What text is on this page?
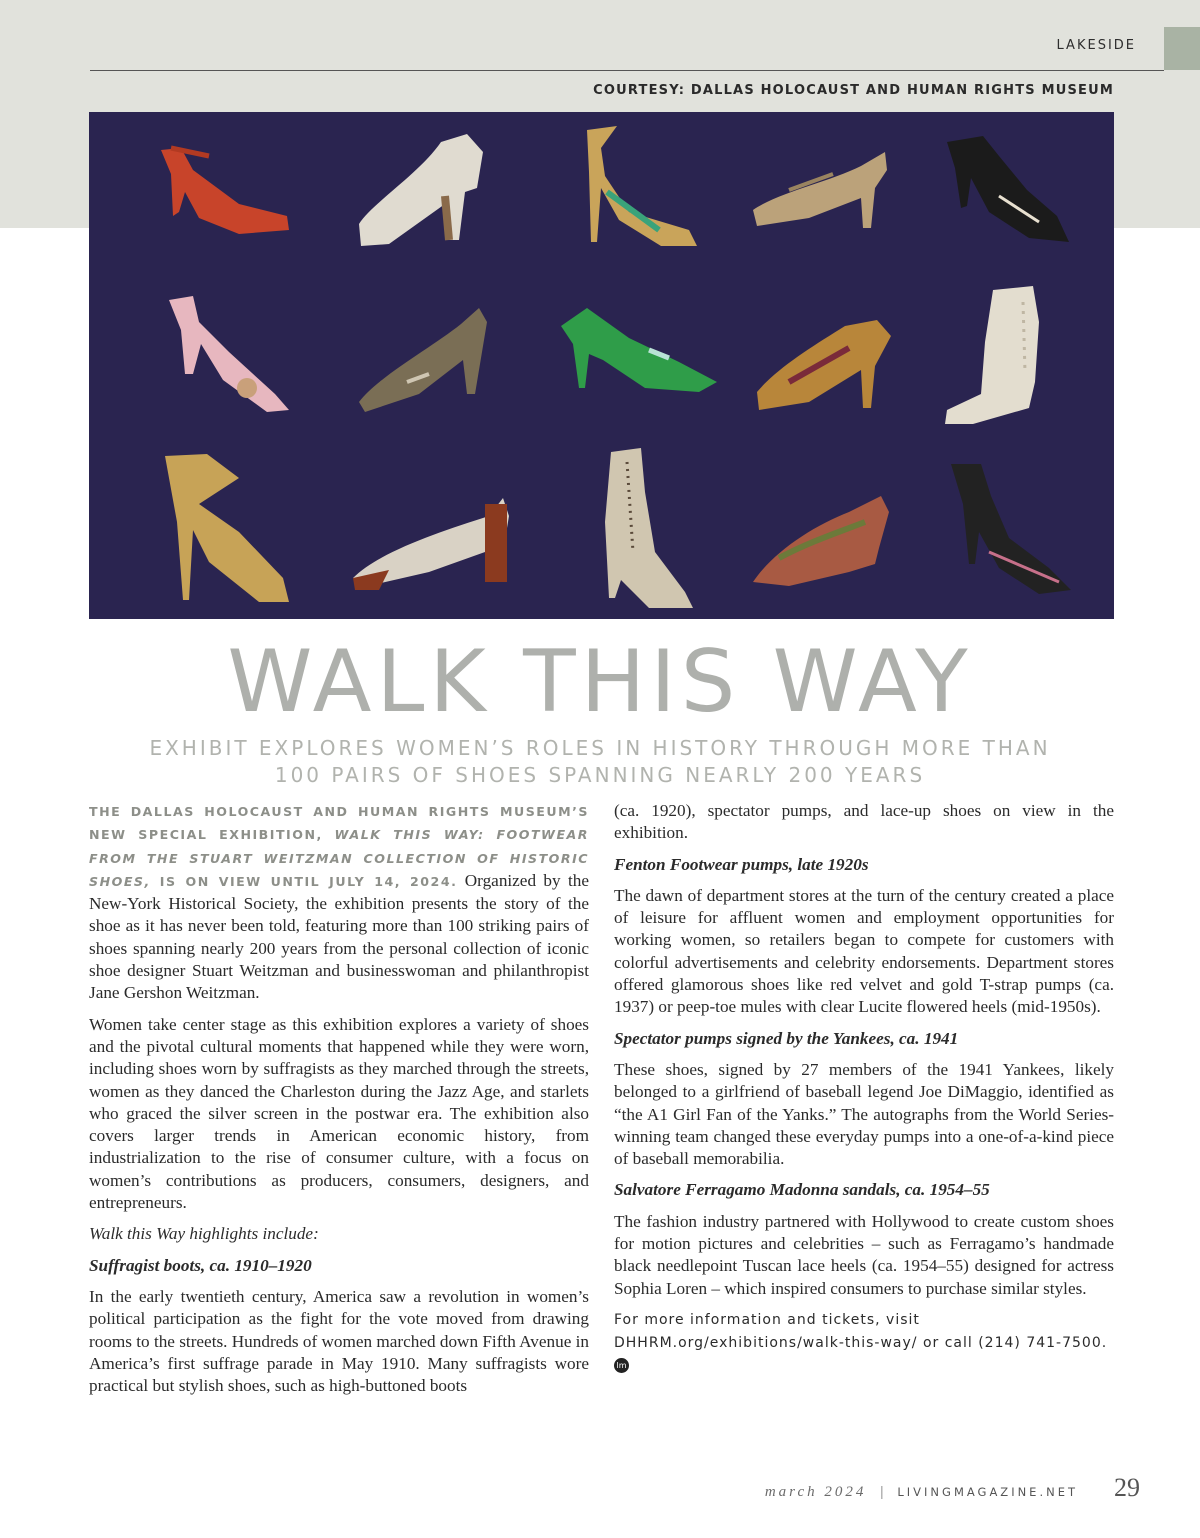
LAKESIDE
COURTESY: DALLAS HOLOCAUST AND HUMAN RIGHTS MUSEUM
WALK THIS WAY
EXHIBIT EXPLORES WOMEN’S ROLES IN HISTORY THROUGH MORE THAN
100 PAIRS OF SHOES SPANNING NEARLY 200 YEARS

THE DALLAS HOLOCAUST AND HUMAN RIGHTS MUSEUM’S NEW SPECIAL EXHIBITION, WALK THIS WAY: FOOTWEAR FROM THE STUART WEITZMAN COLLECTION OF HISTORIC SHOES, IS ON VIEW UNTIL JULY 14, 2024. Organized by the New-York Historical Society, the exhibition presents the story of the shoe as it has never been told, featuring more than 100 striking pairs of shoes spanning nearly 200 years from the personal collection of iconic shoe designer Stuart Weitzman and businesswoman and philanthropist Jane Gershon Weitzman.

Women take center stage as this exhibition explores a variety of shoes and the pivotal cultural moments that happened while they were worn, including shoes worn by suffragists as they marched through the streets, women as they danced the Charleston during the Jazz Age, and starlets who graced the silver screen in the postwar era. The exhibition also covers larger trends in American economic history, from industrialization to the rise of consumer culture, with a focus on women’s contributions as producers, consumers, designers, and entrepreneurs.

Walk this Way highlights include:

Suffragist boots, ca. 1910–1920

In the early twentieth century, America saw a revolution in women’s political participation as the fight for the vote moved from drawing rooms to the streets. Hundreds of women marched down Fifth Avenue in America’s first suffrage parade in May 1910. Many suffragists wore practical but stylish shoes, such as high-buttoned boots

(ca. 1920), spectator pumps, and lace-up shoes on view in the exhibition.

Fenton Footwear pumps, late 1920s

The dawn of department stores at the turn of the century created a place of leisure for affluent women and employment opportunities for working women, so retailers began to compete for customers with colorful advertisements and celebrity endorsements. Department stores offered glamorous shoes like red velvet and gold T-strap pumps (ca. 1937) or peep-toe mules with clear Lucite flowered heels (mid-1950s).

Spectator pumps signed by the Yankees, ca. 1941

These shoes, signed by 27 members of the 1941 Yankees, likely belonged to a girlfriend of baseball legend Joe DiMaggio, identified as “the A1 Girl Fan of the Yanks.” The autographs from the World Series-winning team changed these everyday pumps into a one-of-a-kind piece of baseball memorabilia.

Salvatore Ferragamo Madonna sandals, ca. 1954–55

The fashion industry partnered with Hollywood to create custom shoes for motion pictures and celebrities – such as Ferragamo’s handmade black needlepoint Tuscan lace heels (ca. 1954–55) designed for actress Sophia Loren – which inspired consumers to purchase similar styles.

For more information and tickets, visit DHHRM.org/exhibitions/walk-this-way/ or call (214) 741-7500. lm

march 2024 | LIVINGMAGAZINE.NET 29
